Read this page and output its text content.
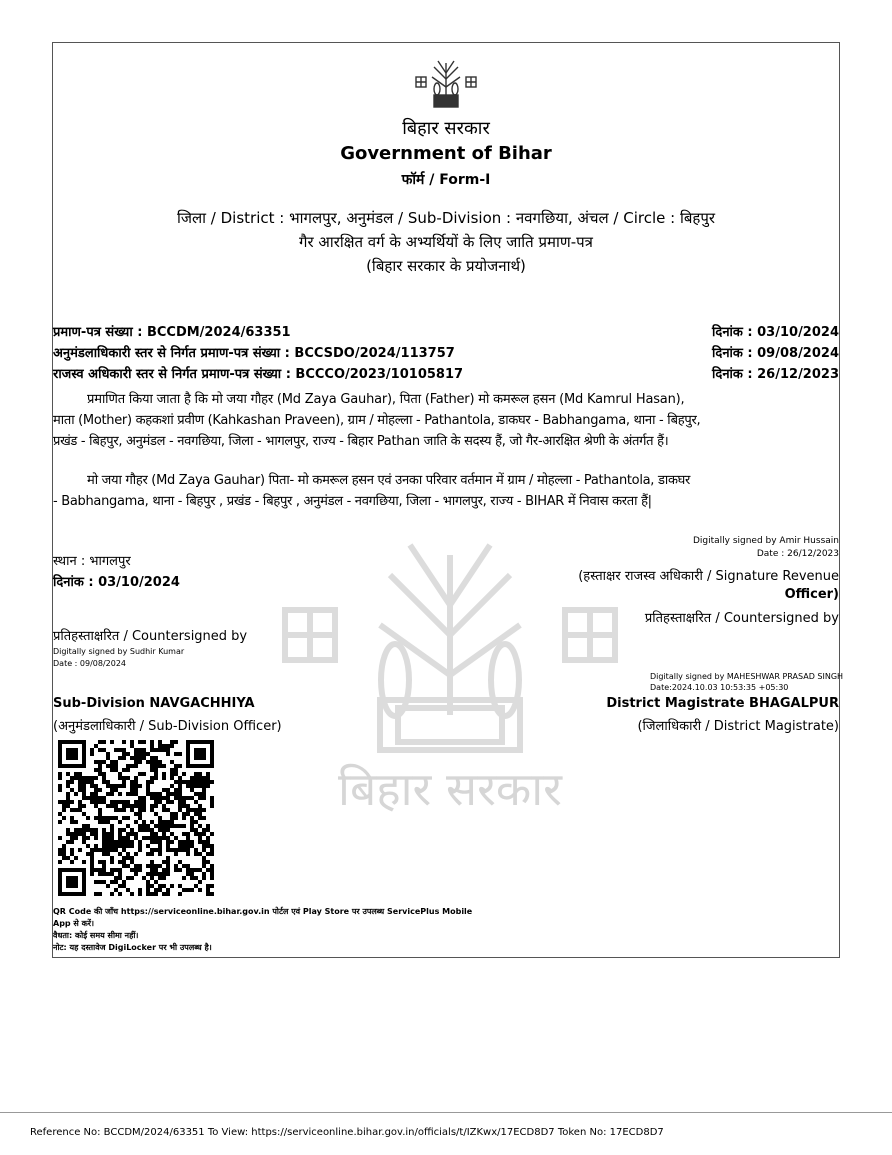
बिहार सरकार
बिहार सरकार
Government of Bihar
फॉर्म / Form-I
जिला / District : भागलपुर, अनुमंडल / Sub-Division : नवगछिया, अंचल / Circle : बिहपुर
गैर आरक्षित वर्ग के अभ्यर्थियों के लिए जाति प्रमाण-पत्र
(बिहार सरकार के प्रयोजनार्थ)
प्रमाण-पत्र संख्या : BCCDM/2024/63351	दिनांक : 03/10/2024
अनुमंडलाधिकारी स्तर से निर्गत प्रमाण-पत्र संख्या : BCCSDO/2024/113757	दिनांक : 09/08/2024
राजस्व अधिकारी स्तर से निर्गत प्रमाण-पत्र संख्या : BCCCO/2023/10105817	दिनांक : 26/12/2023
प्रमाणित किया जाता है कि मो जया गौहर (Md Zaya Gauhar), पिता (Father) मो कमरूल हसन (Md Kamrul Hasan),
माता (Mother) कहकशां प्रवीण (Kahkashan Praveen), ग्राम / मोहल्ला - Pathantola, डाकघर - Babhangama, थाना - बिहपुर,
प्रखंड - बिहपुर, अनुमंडल - नवगछिया, जिला - भागलपुर, राज्य - बिहार Pathan जाति के सदस्य हैं, जो गैर-आरक्षित श्रेणी के अंतर्गत हैं।
मो जया गौहर (Md Zaya Gauhar) पिता- मो कमरूल हसन एवं उनका परिवार वर्तमान में ग्राम / मोहल्ला - Pathantola, डाकघर
- Babhangama, थाना - बिहपुर , प्रखंड - बिहपुर , अनुमंडल - नवगछिया, जिला - भागलपुर, राज्य - BIHAR में निवास करता हैं|
Digitally signed by Amir Hussain
Date : 26/12/2023
(हस्ताक्षर राजस्व अधिकारी / Signature Revenue
Officer)
प्रतिहस्ताक्षरित / Countersigned by
स्थान : भागलपुर
दिनांक : 03/10/2024
प्रतिहस्ताक्षरित / Countersigned by
Digitally signed by Sudhir Kumar
Date : 09/08/2024
Sub-Division NAVGACHHIYA
(अनुमंडलाधिकारी / Sub-Division Officer)
Digitally signed by MAHESHWAR PRASAD SINGH
Date:2024.10.03 10:53:35 +05:30
District Magistrate BHAGALPUR
(जिलाधिकारी / District Magistrate)
QR Code की जाँच https://serviceonline.bihar.gov.in पोर्टल एवं Play Store पर उपलब्ध ServicePlus Mobile
App से करें।
वैधता: कोई समय सीमा नहीं।
नोट: यह दस्तावेज DigiLocker पर भी उपलब्ध है।
Reference No: BCCDM/2024/63351 To View: https://serviceonline.bihar.gov.in/officials/t/IZKwx/17ECD8D7 Token No: 17ECD8D7
